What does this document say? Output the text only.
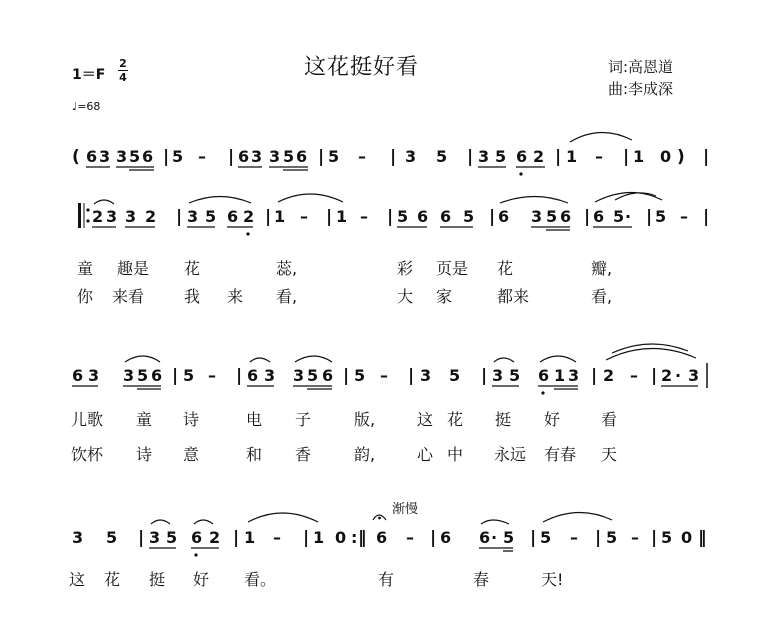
这花挺好看
1＝F
2
4
♩=68
词:高恩道
曲:李成深
( 6 3 3 5 6 | 5 – | 6 3 3 5 6 | 5 – | 3 5 | 3 5 6 2 | 1 – | 1 0 ) |
2 3 3 2 | 3 5 6 2 | 1 – | 1 – | 5 6 6 5 | 6 3 5 6 | 6 5 · | 5 – |
童 趣是 花	蕊,	彩 页是 花	瓣,
你 来看 我 来 看,	大 家	都来	看,
6 3 3 5 6 | 5 – | 6 3 3 5 6 | 5 – | 3 5 | 3 5 6 1 3 | 2 – | 2 · 3
儿歌 童 诗	电 子	版,	这 花 挺 好	看
饮杯 诗 意	和 香	韵,	心 中 永远 有春 天
渐慢
3 5 | 3 5 6 2 | 1 – | 1 0 : ‖ 6 – | 6 6 · 5 | 5 – | 5 – | 5 0 ‖
这 花 挺 好 看。	有	春	天!
